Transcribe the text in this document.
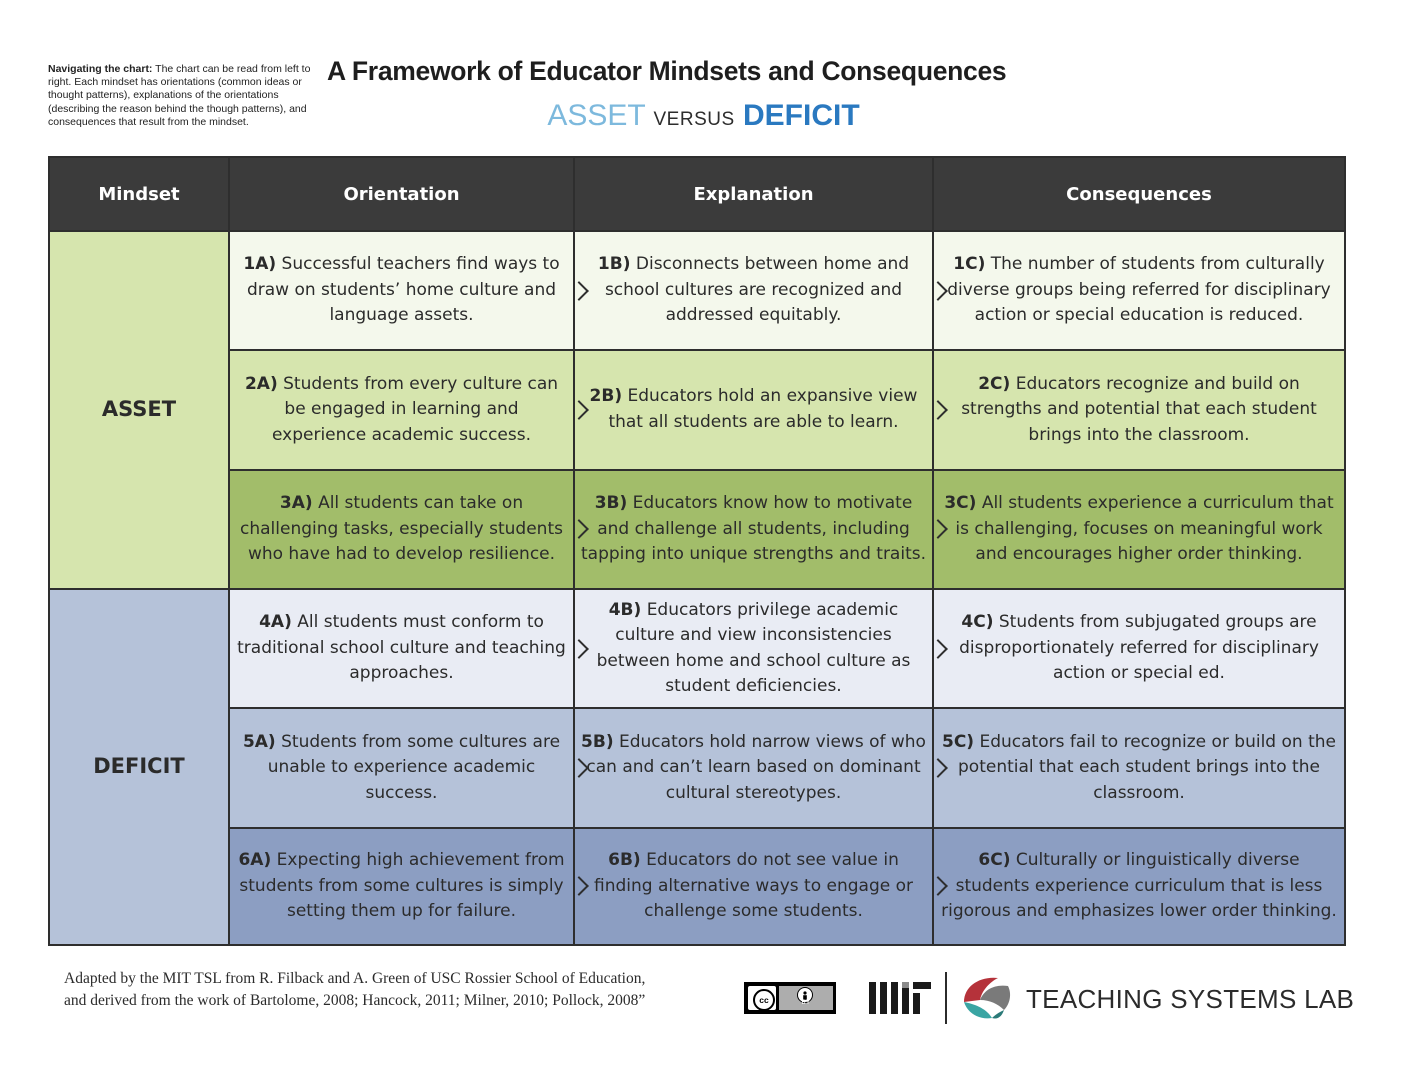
Navigating the chart: The chart can be read from left to right. Each mindset has orientations (common ideas or thought patterns), explanations of the orientations (describing the reason behind the though patterns), and consequences that result from the mindset.
A Framework of Educator Mindsets and Consequences
ASSET VERSUS DEFICIT
Mindset	Orientation	Explanation	Consequences
ASSET	1A) Successful teachers find ways to draw on students’ home culture and language assets.	1B) Disconnects between home and school cultures are recognized and addressed equitably.	1C) The number of students from culturally diverse groups being referred for disciplinary action or special education is reduced.
	2A) Students from every culture can be engaged in learning and experience academic success.	2B) Educators hold an expansive view that all students are able to learn.	2C) Educators recognize and build on strengths and potential that each student brings into the classroom.
	3A) All students can take on challenging tasks, especially students who have had to develop resilience.	3B) Educators know how to motivate and challenge all students, including tapping into unique strengths and traits.	3C) All students experience a curriculum that is challenging, focuses on meaningful work and encourages higher order thinking.
DEFICIT	4A) All students must conform to traditional school culture and teaching approaches.	4B) Educators privilege academic culture and view inconsistencies between home and school culture as student deficiencies.	4C) Students from subjugated groups are disproportionately referred for disciplinary action or special ed.
	5A) Students from some cultures are unable to experience academic success.	5B) Educators hold narrow views of who can and can’t learn based on dominant cultural stereotypes.	5C) Educators fail to recognize or build on the potential that each student brings into the classroom.
	6A) Expecting high achievement from students from some cultures is simply setting them up for failure.	6B) Educators do not see value in finding alternative ways to engage or challenge some students.	6C) Culturally or linguistically diverse students experience curriculum that is less rigorous and emphasizes lower order thinking.
Adapted by the MIT TSL from R. Filback and A. Green of USC Rossier School of Education,
and derived from the work of Bartolome, 2008; Hancock, 2011; Milner, 2010; Pollock, 2008”	cc	BY	TEACHING SYSTEMS LAB
